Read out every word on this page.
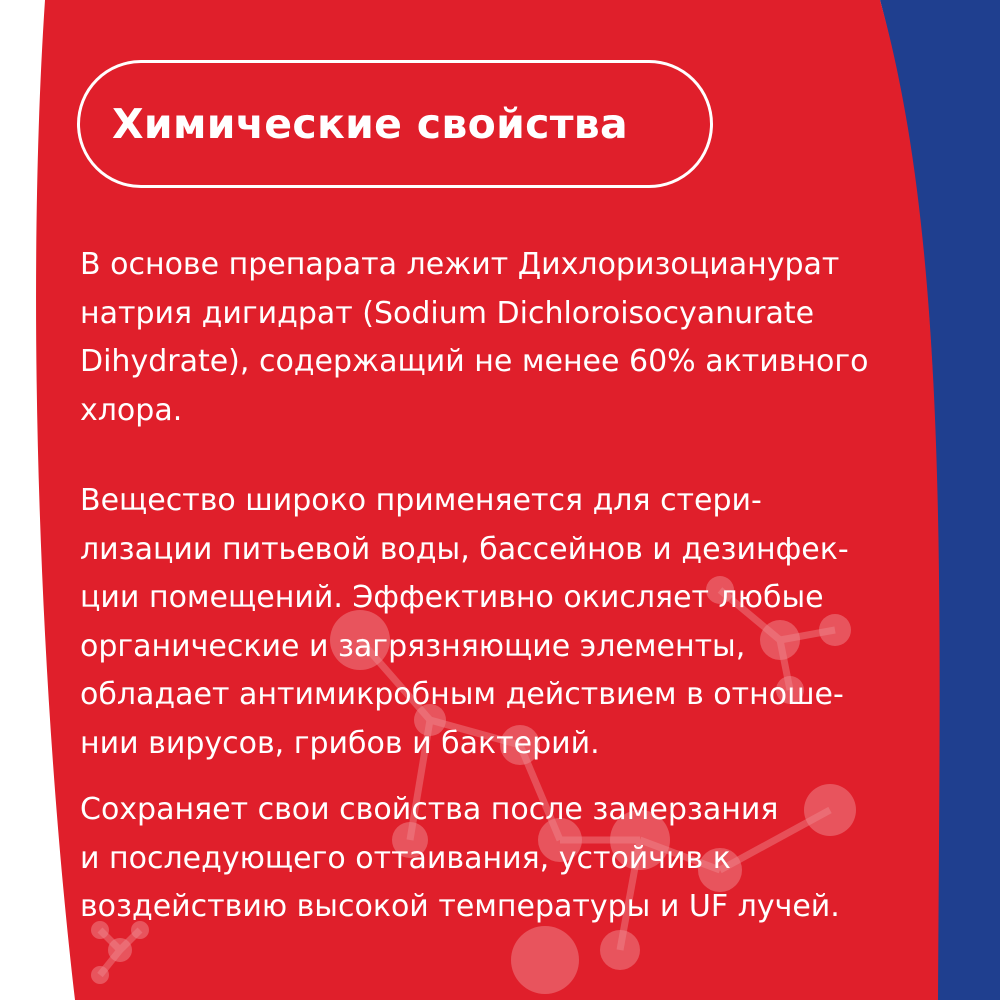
Химические свойства

В основе препарата лежит Дихлоризоцианурат
натрия дигидрат (Sodium Dichloroisocyanurate
Dihydrate), содержащий не менее 60% активного
хлора.

Вещество широко применяется для стери-
лизации питьевой воды, бассейнов и дезинфек-
ции помещений. Эффективно окисляет любые
органические и загрязняющие элементы,
обладает антимикробным действием в отноше-
нии вирусов, грибов и бактерий.

Сохраняет свои свойства после замерзания
и последующего оттаивания, устойчив к
воздействию высокой температуры и UF лучей.
